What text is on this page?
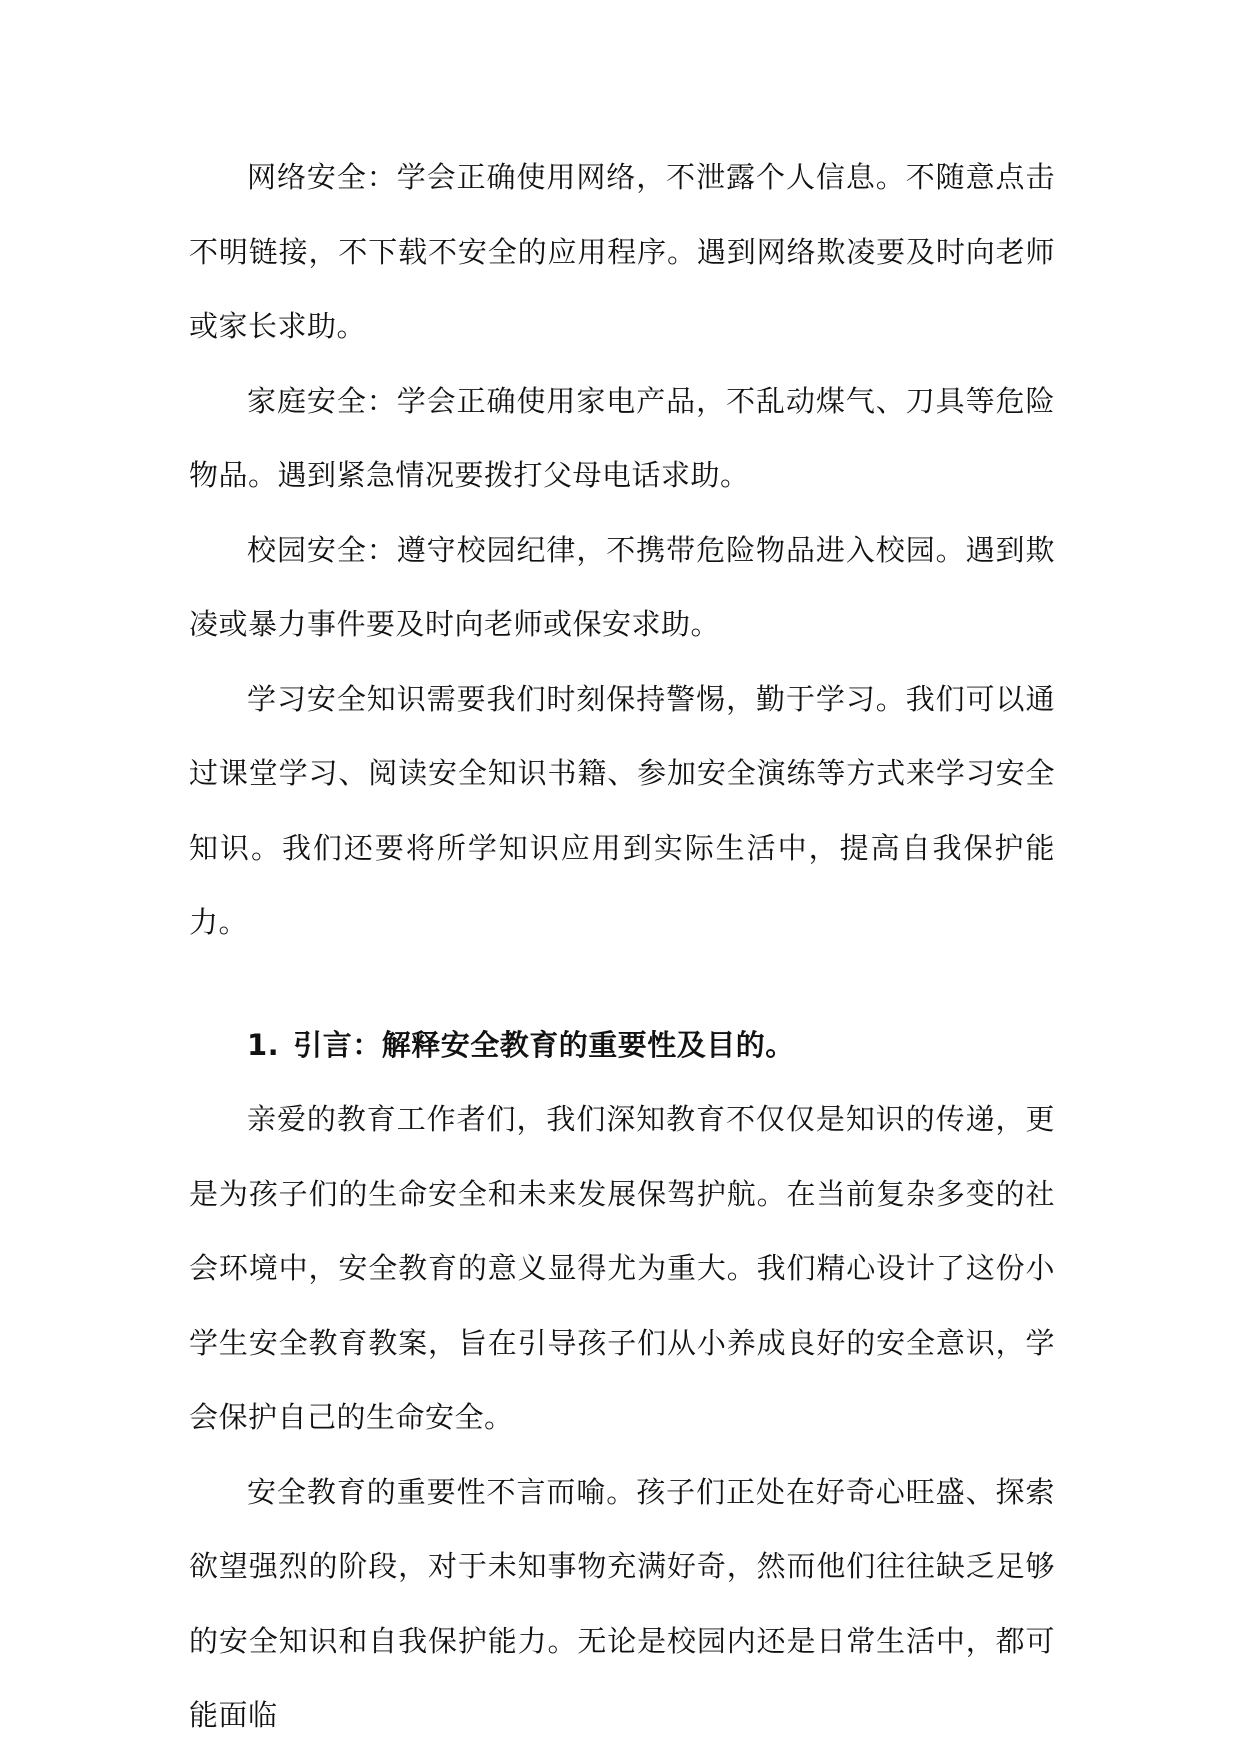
网络安全：学会正确使用网络，不泄露个人信息。不随意点击不明链接，不下载不安全的应用程序。遇到网络欺凌要及时向老师或家长求助。

家庭安全：学会正确使用家电产品，不乱动煤气、刀具等危险物品。遇到紧急情况要拨打父母电话求助。

校园安全：遵守校园纪律，不携带危险物品进入校园。遇到欺凌或暴力事件要及时向老师或保安求助。

学习安全知识需要我们时刻保持警惕，勤于学习。我们可以通过课堂学习、阅读安全知识书籍、参加安全演练等方式来学习安全知识。我们还要将所学知识应用到实际生活中，提高自我保护能力。

1. 引言：解释安全教育的重要性及目的。

亲爱的教育工作者们，我们深知教育不仅仅是知识的传递，更是为孩子们的生命安全和未来发展保驾护航。在当前复杂多变的社会环境中，安全教育的意义显得尤为重大。我们精心设计了这份小学生安全教育教案，旨在引导孩子们从小养成良好的安全意识，学会保护自己的生命安全。

安全教育的重要性不言而喻。孩子们正处在好奇心旺盛、探索欲望强烈的阶段，对于未知事物充满好奇，然而他们往往缺乏足够的安全知识和自我保护能力。无论是校园内还是日常生活中，都可能面临
